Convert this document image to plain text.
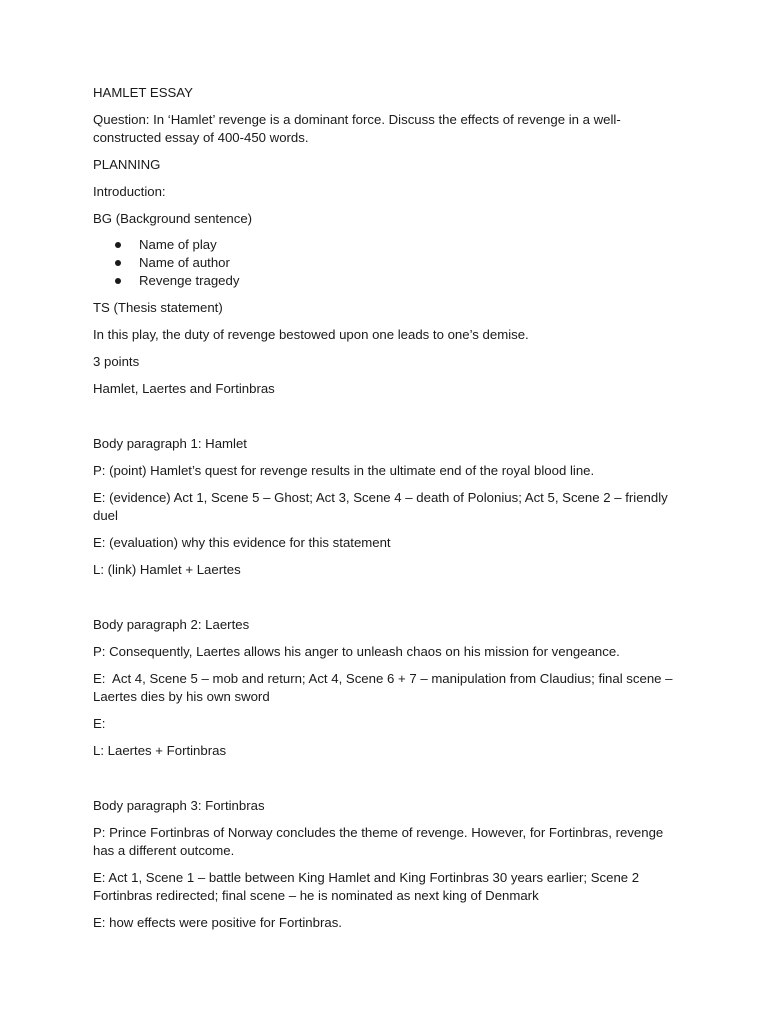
HAMLET ESSAY

Question: In ‘Hamlet’ revenge is a dominant force. Discuss the effects of revenge in a well-
constructed essay of 400-450 words.

PLANNING

Introduction:

BG (Background sentence)

Name of play
Name of author
Revenge tragedy

TS (Thesis statement)

In this play, the duty of revenge bestowed upon one leads to one’s demise.

3 points

Hamlet, Laertes and Fortinbras

Body paragraph 1: Hamlet

P: (point) Hamlet’s quest for revenge results in the ultimate end of the royal blood line.

E: (evidence) Act 1, Scene 5 – Ghost; Act 3, Scene 4 – death of Polonius; Act 5, Scene 2 – friendly duel

E: (evaluation) why this evidence for this statement

L: (link) Hamlet + Laertes

Body paragraph 2: Laertes

P: Consequently, Laertes allows his anger to unleash chaos on his mission for vengeance.

E:  Act 4, Scene 5 – mob and return; Act 4, Scene 6 + 7 – manipulation from Claudius; final scene –
Laertes dies by his own sword

E:

L: Laertes + Fortinbras

Body paragraph 3: Fortinbras

P: Prince Fortinbras of Norway concludes the theme of revenge. However, for Fortinbras, revenge
has a different outcome.

E: Act 1, Scene 1 – battle between King Hamlet and King Fortinbras 30 years earlier; Scene 2
Fortinbras redirected; final scene – he is nominated as next king of Denmark

E: how effects were positive for Fortinbras.
